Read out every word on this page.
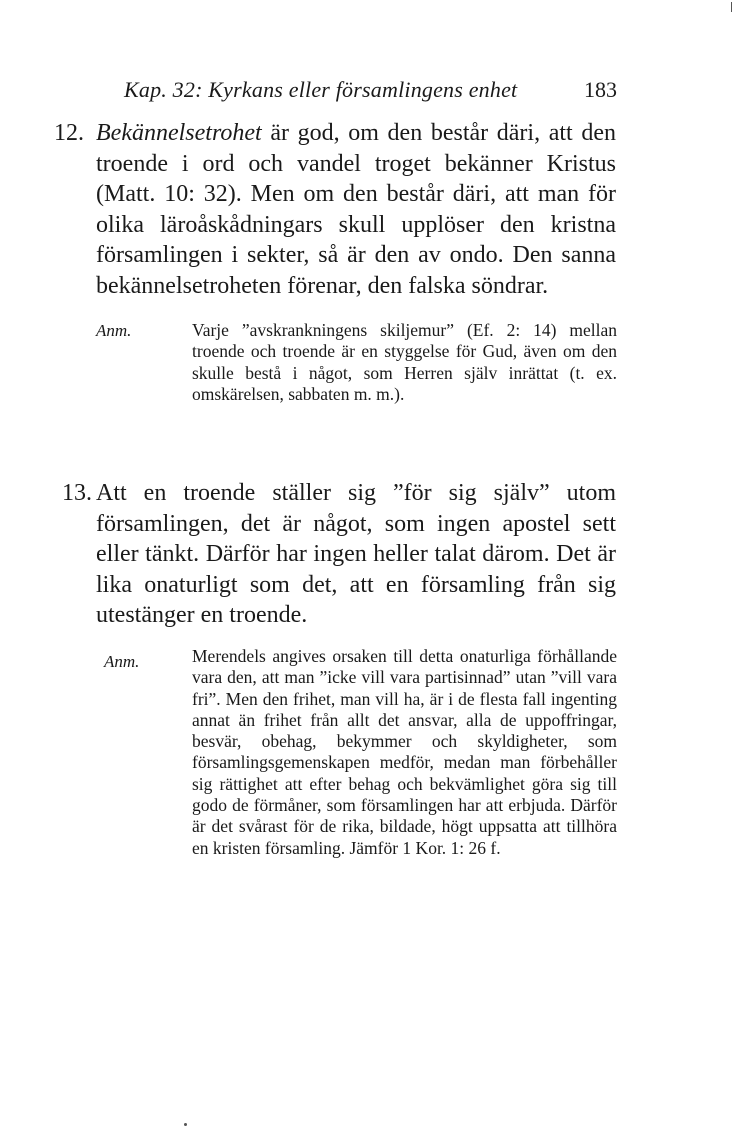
Kap. 32: Kyrkans eller församlingens enhet	183
12. Bekännelsetrohet är god, om den består däri, att den troende i ord och vandel troget bekänner Kristus (Matt. 10: 32). Men om den består däri, att man för olika läroåskådningars skull upplöser den kristna församlingen i sekter, så är den av ondo. Den sanna bekännelsetroheten förenar, den falska söndrar.

Anm.	Varje ”avskrankningens skiljemur” (Ef. 2: 14) mellan troende och troende är en styggelse för Gud, även om den skulle bestå i något, som Herren själv inrättat (t. ex. omskärelsen, sabbaten m. m.).

13. Att en troende ställer sig ”för sig själv” utom församlingen, det är något, som ingen apostel sett eller tänkt. Därför har ingen heller talat därom. Det är lika onaturligt som det, att en församling från sig utestänger en troende.

Anm.	Merendels angives orsaken till detta onaturliga förhållande vara den, att man ”icke vill vara partisinnad” utan ”vill vara fri”. Men den frihet, man vill ha, är i de flesta fall ingenting annat än frihet från allt det ansvar, alla de uppoffringar, besvär, obehag, bekymmer och skyldigheter, som församlingsgemenskapen medför, medan man förbehåller sig rättighet att efter behag och bekvämlighet göra sig till godo de förmåner, som församlingen har att erbjuda. Därför är det svårast för de rika, bildade, högt uppsatta att tillhöra en kristen församling. Jämför 1 Kor. 1: 26 f.
